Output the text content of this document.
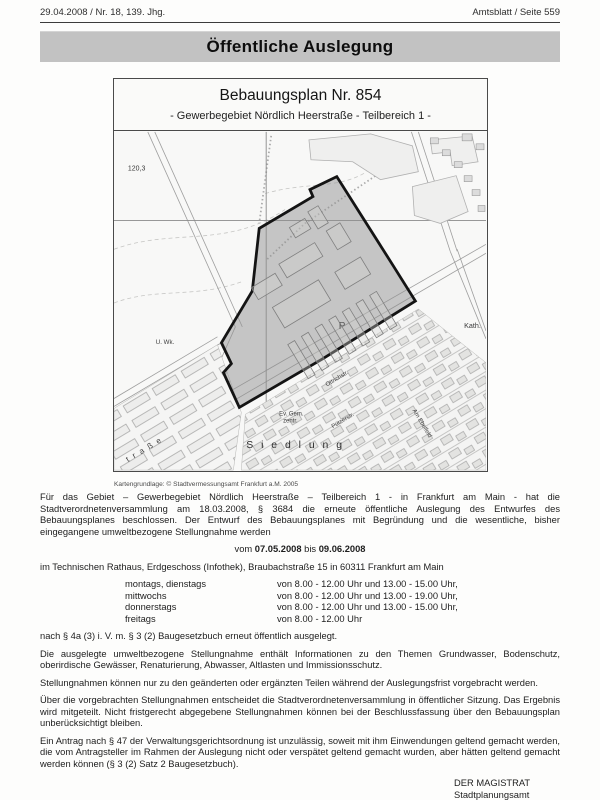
29.04.2008 / Nr. 18, 139. Jhg.	Amtsblatt / Seite 559
Öffentliche Auslegung
Bebauungsplan Nr. 854
- Gewerbegebiet Nördlich Heerstraße - Teilbereich 1 -
120,3
U. Wk.
P	Kath.
Ev. Gem.
zentr.
S i e d l u n g
Ottrichstr.
Pützerstr.	Am Ebelfeld
t r a ß e
Kartengrundlage: © Stadtvermessungsamt Frankfurt a.M. 2005

Für das Gebiet – Gewerbegebiet Nördlich Heerstraße – Teilbereich 1 - in Frankfurt am Main - hat die Stadtverordnetenversammlung am 18.03.2008, § 3684 die erneute öffentliche Auslegung des Entwurfes des Bebauungsplanes beschlossen. Der Entwurf des Bebauungsplanes mit Begründung und die wesentliche, bisher eingegangene umweltbezogene Stellungnahme werden

vom 07.05.2008 bis 09.06.2008

im Technischen Rathaus, Erdgeschoss (Infothek), Braubachstraße 15 in 60311 Frankfurt am Main

montags, dienstags	von 8.00 - 12.00 Uhr und 13.00 - 15.00 Uhr,
mittwochs	von 8.00 - 12.00 Uhr und 13.00 - 19.00 Uhr,
donnerstags	von 8.00 - 12.00 Uhr und 13.00 - 15.00 Uhr,
freitags	von 8.00 - 12.00 Uhr

nach § 4a (3) i. V. m. § 3 (2) Baugesetzbuch erneut öffentlich ausgelegt.

Die ausgelegte umweltbezogene Stellungnahme enthält Informationen zu den Themen Grundwasser, Bodenschutz, oberirdische Gewässer, Renaturierung, Abwasser, Altlasten und Immissionsschutz.

Stellungnahmen können nur zu den geänderten oder ergänzten Teilen während der Auslegungsfrist vorgebracht werden.

Über die vorgebrachten Stellungnahmen entscheidet die Stadtverordnetenversammlung in öffentlicher Sitzung. Das Ergebnis wird mitgeteilt. Nicht fristgerecht abgegebene Stellungnahmen können bei der Beschlussfassung über den Bebauungsplan unberücksichtigt bleiben.

Ein Antrag nach § 47 der Verwaltungsgerichtsordnung ist unzulässig, soweit mit ihm Einwendungen geltend gemacht werden, die vom Antragsteller im Rahmen der Auslegung nicht oder verspätet geltend gemacht wurden, aber hätten geltend gemacht werden können (§ 3 (2) Satz 2 Baugesetzbuch).

DER MAGISTRAT
Stadtplanungsamt
